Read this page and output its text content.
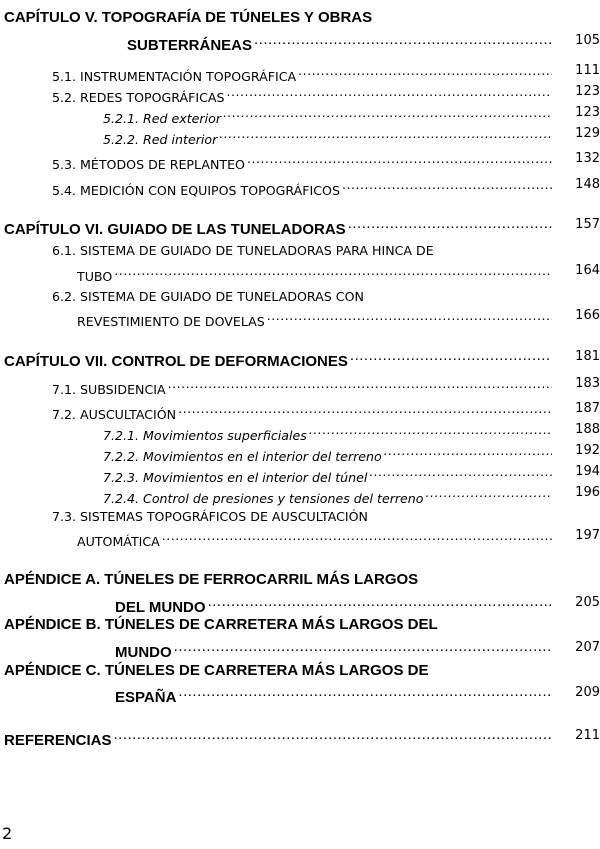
CAPÍTULO V. TOPOGRAFÍA DE TÚNELES Y OBRAS
SUBTERRÁNEAS .....	105
5.1. INSTRUMENTACIÓN TOPOGRÁFICA .....	111
5.2. REDES TOPOGRÁFICAS .....	123
5.2.1. Red exterior .....	123
5.2.2. Red interior .....	129
5.3. MÉTODOS DE REPLANTEO .....	132
5.4. MEDICIÓN CON EQUIPOS TOPOGRÁFICOS .....	148
CAPÍTULO VI. GUIADO DE LAS TUNELADORAS .....	157
6.1. SISTEMA DE GUIADO DE TUNELADORAS PARA HINCA DE
TUBO .....	164
6.2. SISTEMA DE GUIADO DE TUNELADORAS CON
REVESTIMIENTO DE DOVELAS .....	166
CAPÍTULO VII. CONTROL DE DEFORMACIONES .....	181
7.1. SUBSIDENCIA .....	183
7.2. AUSCULTACIÓN .....	187
7.2.1. Movimientos superficiales .....	188
7.2.2. Movimientos en el interior del terreno .....	192
7.2.3. Movimientos en el interior del túnel .....	194
7.2.4. Control de presiones y tensiones del terreno .....	196
7.3. SISTEMAS TOPOGRÁFICOS DE AUSCULTACIÓN
AUTOMÁTICA .....	197
APÉNDICE A. TÚNELES DE FERROCARRIL MÁS LARGOS
DEL MUNDO .....	205
APÉNDICE B. TÚNELES DE CARRETERA MÁS LARGOS DEL
MUNDO .....	207
APÉNDICE C. TÚNELES DE CARRETERA MÁS LARGOS DE
ESPAÑA .....	209
REFERENCIAS .....	211
2
